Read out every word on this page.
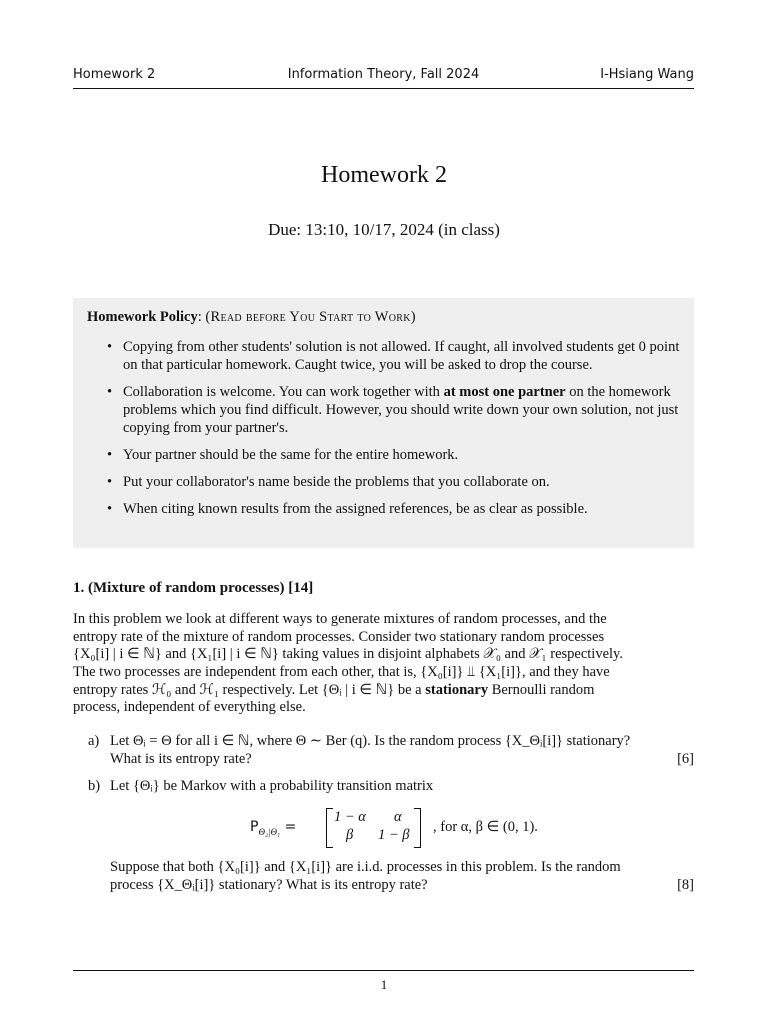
Homework 2	Information Theory, Fall 2024	I-Hsiang Wang
Homework 2
Due: 13:10, 10/17, 2024 (in class)
Homework Policy: (Read before You Start to Work)
• Copying from other students' solution is not allowed. If caught, all involved students get 0 point on that particular homework. Caught twice, you will be asked to drop the course.
• Collaboration is welcome. You can work together with at most one partner on the homework problems which you find difficult. However, you should write down your own solution, not just copying from your partner's.
• Your partner should be the same for the entire homework.
• Put your collaborator's name beside the problems that you collaborate on.
• When citing known results from the assigned references, be as clear as possible.
1. (Mixture of random processes) [14]
In this problem we look at different ways to generate mixtures of random processes, and the
entropy rate of the mixture of random processes. Consider two stationary random processes
{X₀[i] | i ∈ ℕ} and {X₁[i] | i ∈ ℕ} taking values in disjoint alphabets 𝒳₀ and 𝒳₁ respectively.
The two processes are independent from each other, that is, {X₀[i]} ⫫ {X₁[i]}, and they have
entropy rates ℋ₀ and ℋ₁ respectively. Let {Θᵢ | i ∈ ℕ} be a stationary Bernoulli random
process, independent of everything else.
a) Let Θᵢ = Θ for all i ∈ ℕ, where Θ ∼ Ber (q). Is the random process {X_Θᵢ[i]} stationary?
What is its entropy rate?	[6]
b) Let {Θᵢ} be Markov with a probability transition matrix
$P_{\Theta_2|\Theta_1}$ =
1 − α α
β 1 − β , for α, β ∈ (0, 1).
Suppose that both {X₀[i]} and {X₁[i]} are i.i.d. processes in this problem. Is the random
process {X_Θᵢ[i]} stationary? What is its entropy rate?	[8]
1
